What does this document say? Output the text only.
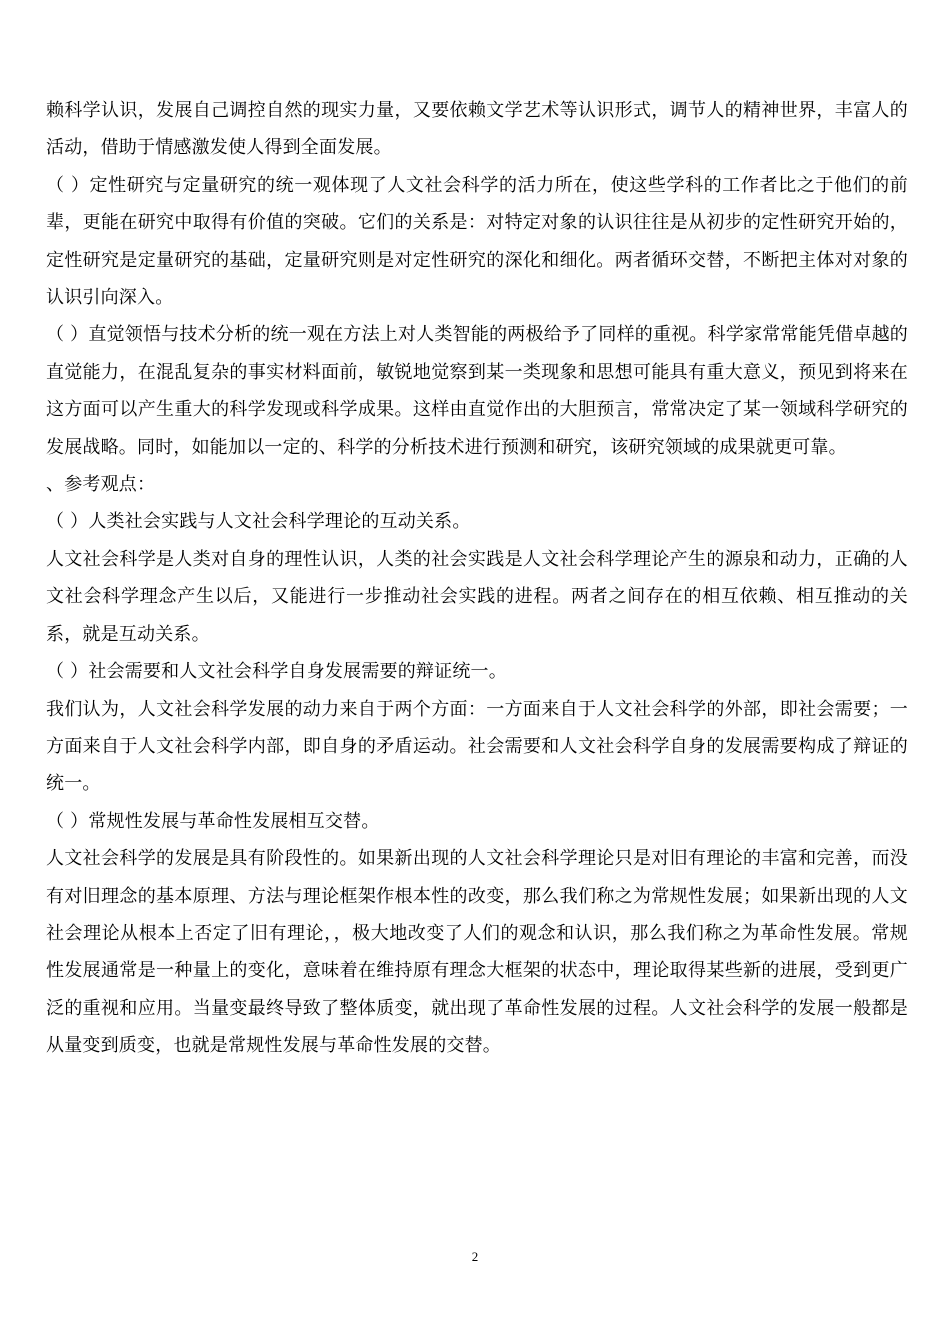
赖科学认识，发展自己调控自然的现实力量，又要依赖文学艺术等认识形式，调节人的精神世界，丰富人的活动，借助于情感激发使人得到全面发展。

（ ）定性研究与定量研究的统一观体现了人文社会科学的活力所在，使这些学科的工作者比之于他们的前辈，更能在研究中取得有价值的突破。它们的关系是：对特定对象的认识往往是从初步的定性研究开始的，定性研究是定量研究的基础，定量研究则是对定性研究的深化和细化。两者循环交替，不断把主体对对象的认识引向深入。

（ ）直觉领悟与技术分析的统一观在方法上对人类智能的两极给予了同样的重视。科学家常常能凭借卓越的直觉能力，在混乱复杂的事实材料面前，敏锐地觉察到某一类现象和思想可能具有重大意义，预见到将来在这方面可以产生重大的科学发现或科学成果。这样由直觉作出的大胆预言，常常决定了某一领域科学研究的发展战略。同时，如能加以一定的、科学的分析技术进行预测和研究，该研究领域的成果就更可靠。

、参考观点：

（ ）人类社会实践与人文社会科学理论的互动关系。

人文社会科学是人类对自身的理性认识，人类的社会实践是人文社会科学理论产生的源泉和动力，正确的人文社会科学理念产生以后，又能进行一步推动社会实践的进程。两者之间存在的相互依赖、相互推动的关系，就是互动关系。

（ ）社会需要和人文社会科学自身发展需要的辩证统一。

我们认为，人文社会科学发展的动力来自于两个方面：一方面来自于人文社会科学的外部，即社会需要；一方面来自于人文社会科学内部，即自身的矛盾运动。社会需要和人文社会科学自身的发展需要构成了辩证的统一。

（ ）常规性发展与革命性发展相互交替。

人文社会科学的发展是具有阶段性的。如果新出现的人文社会科学理论只是对旧有理论的丰富和完善，而没有对旧理念的基本原理、方法与理论框架作根本性的改变，那么我们称之为常规性发展；如果新出现的人文社会理论从根本上否定了旧有理论，，极大地改变了人们的观念和认识，那么我们称之为革命性发展。常规性发展通常是一种量上的变化，意味着在维持原有理念大框架的状态中，理论取得某些新的进展，受到更广泛的重视和应用。当量变最终导致了整体质变，就出现了革命性发展的过程。人文社会科学的发展一般都是从量变到质变，也就是常规性发展与革命性发展的交替。

2
